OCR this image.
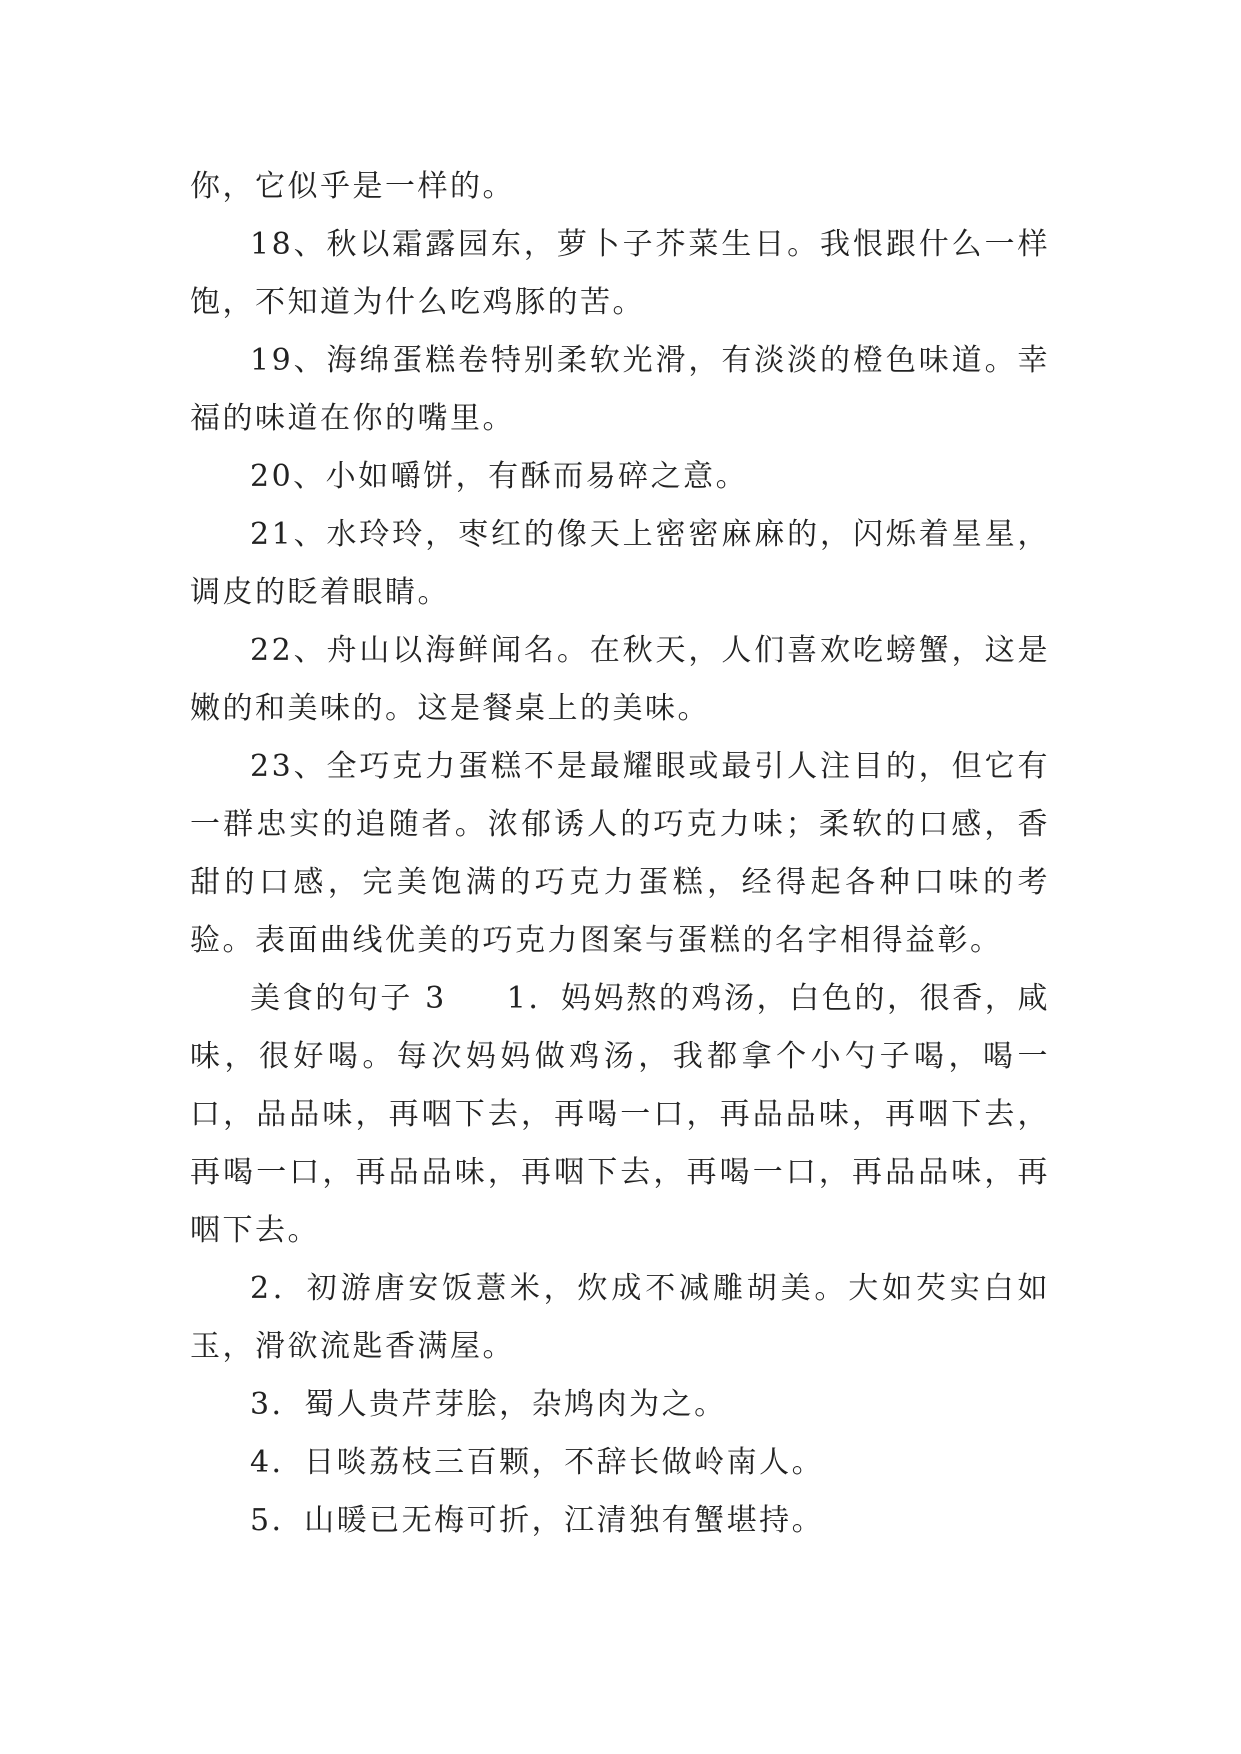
你，它似乎是一样的。

18、秋以霜露园东，萝卜子芥菜生日。我恨跟什么一样饱，不知道为什么吃鸡豚的苦。

19、海绵蛋糕卷特别柔软光滑，有淡淡的橙色味道。幸福的味道在你的嘴里。

20、小如嚼饼，有酥而易碎之意。

21、水玲玲，枣红的像天上密密麻麻的，闪烁着星星，调皮的眨着眼睛。

22、舟山以海鲜闻名。在秋天，人们喜欢吃螃蟹，这是嫩的和美味的。这是餐桌上的美味。

23、全巧克力蛋糕不是最耀眼或最引人注目的，但它有一群忠实的追随者。浓郁诱人的巧克力味；柔软的口感，香甜的口感，完美饱满的巧克力蛋糕，经得起各种口味的考验。表面曲线优美的巧克力图案与蛋糕的名字相得益彰。

美食的句子 3 1．妈妈熬的鸡汤，白色的，很香，咸味，很好喝。每次妈妈做鸡汤，我都拿个小勺子喝，喝一口，品品味，再咽下去，再喝一口，再品品味，再咽下去，再喝一口，再品品味，再咽下去，再喝一口，再品品味，再咽下去。

2．初游唐安饭薏米，炊成不减雕胡美。大如芡实白如玉，滑欲流匙香满屋。

3．蜀人贵芹芽脍，杂鸠肉为之。

4．日啖荔枝三百颗，不辞长做岭南人。

5．山暖已无梅可折，江清独有蟹堪持。
